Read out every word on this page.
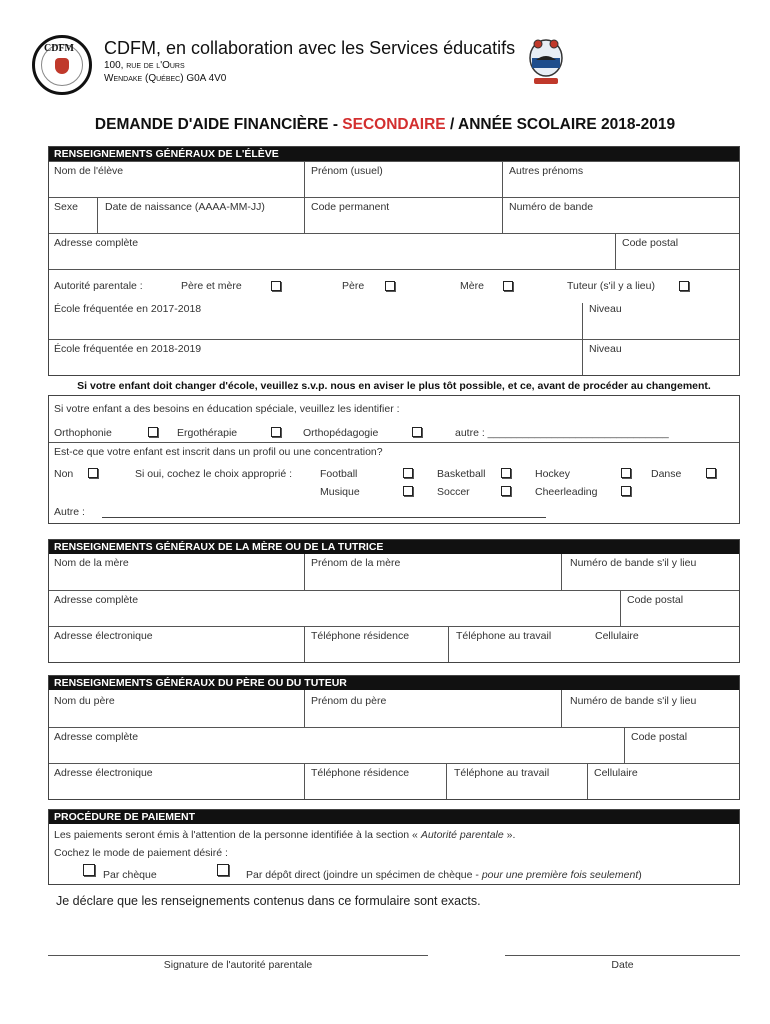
CDFM CDFM, en collaboration avec les Services éducatifs
100, rue de l'Ours
Wendake (Québec) G0A 4V0
DEMANDE D'AIDE FINANCIÈRE - SECONDAIRE / ANNÉE SCOLAIRE 2018-2019
RENSEIGNEMENTS GÉNÉRAUX DE L'ÉLÈVE
Nom de l'élève	Prénom (usuel)	Autres prénoms
Sexe	Date de naissance (AAAA-MM-JJ)	Code permanent	Numéro de bande
Adresse complète	Code postal
Autorité parentale :	Père et mère	Père	Mère	Tuteur (s'il y a lieu)
École fréquentée en 2017-2018	Niveau
École fréquentée en 2018-2019	Niveau
Si votre enfant doit changer d'école, veuillez s.v.p. nous en aviser le plus tôt possible, et ce, avant de procéder au changement.
Si votre enfant a des besoins en éducation spéciale, veuillez les identifier :
Orthophonie	Ergothérapie	Orthopédagogie	autre : _______________________________
Est-ce que votre enfant est inscrit dans un profil ou une concentration?
Non	Si oui, cochez le choix approprié :	Football	Basketball	Hockey	Danse
Musique	Soccer	Cheerleading
Autre :
RENSEIGNEMENTS GÉNÉRAUX DE LA MÈRE OU DE LA TUTRICE
Nom de la mère	Prénom de la mère	Numéro de bande s'il y lieu
Adresse complète	Code postal
Adresse électronique	Téléphone résidence	Téléphone au travail	Cellulaire
RENSEIGNEMENTS GÉNÉRAUX DU PÈRE OU DU TUTEUR
Nom du père	Prénom du père	Numéro de bande s'il y lieu
Adresse complète	Code postal
Adresse électronique	Téléphone résidence	Téléphone au travail	Cellulaire
PROCÉDURE DE PAIEMENT
Les paiements seront émis à l'attention de la personne identifiée à la section « Autorité parentale ».
Cochez le mode de paiement désiré :
Par chèque	Par dépôt direct (joindre un spécimen de chèque - pour une première fois seulement)
Je déclare que les renseignements contenus dans ce formulaire sont exacts.
Signature de l'autorité parentale	Date
